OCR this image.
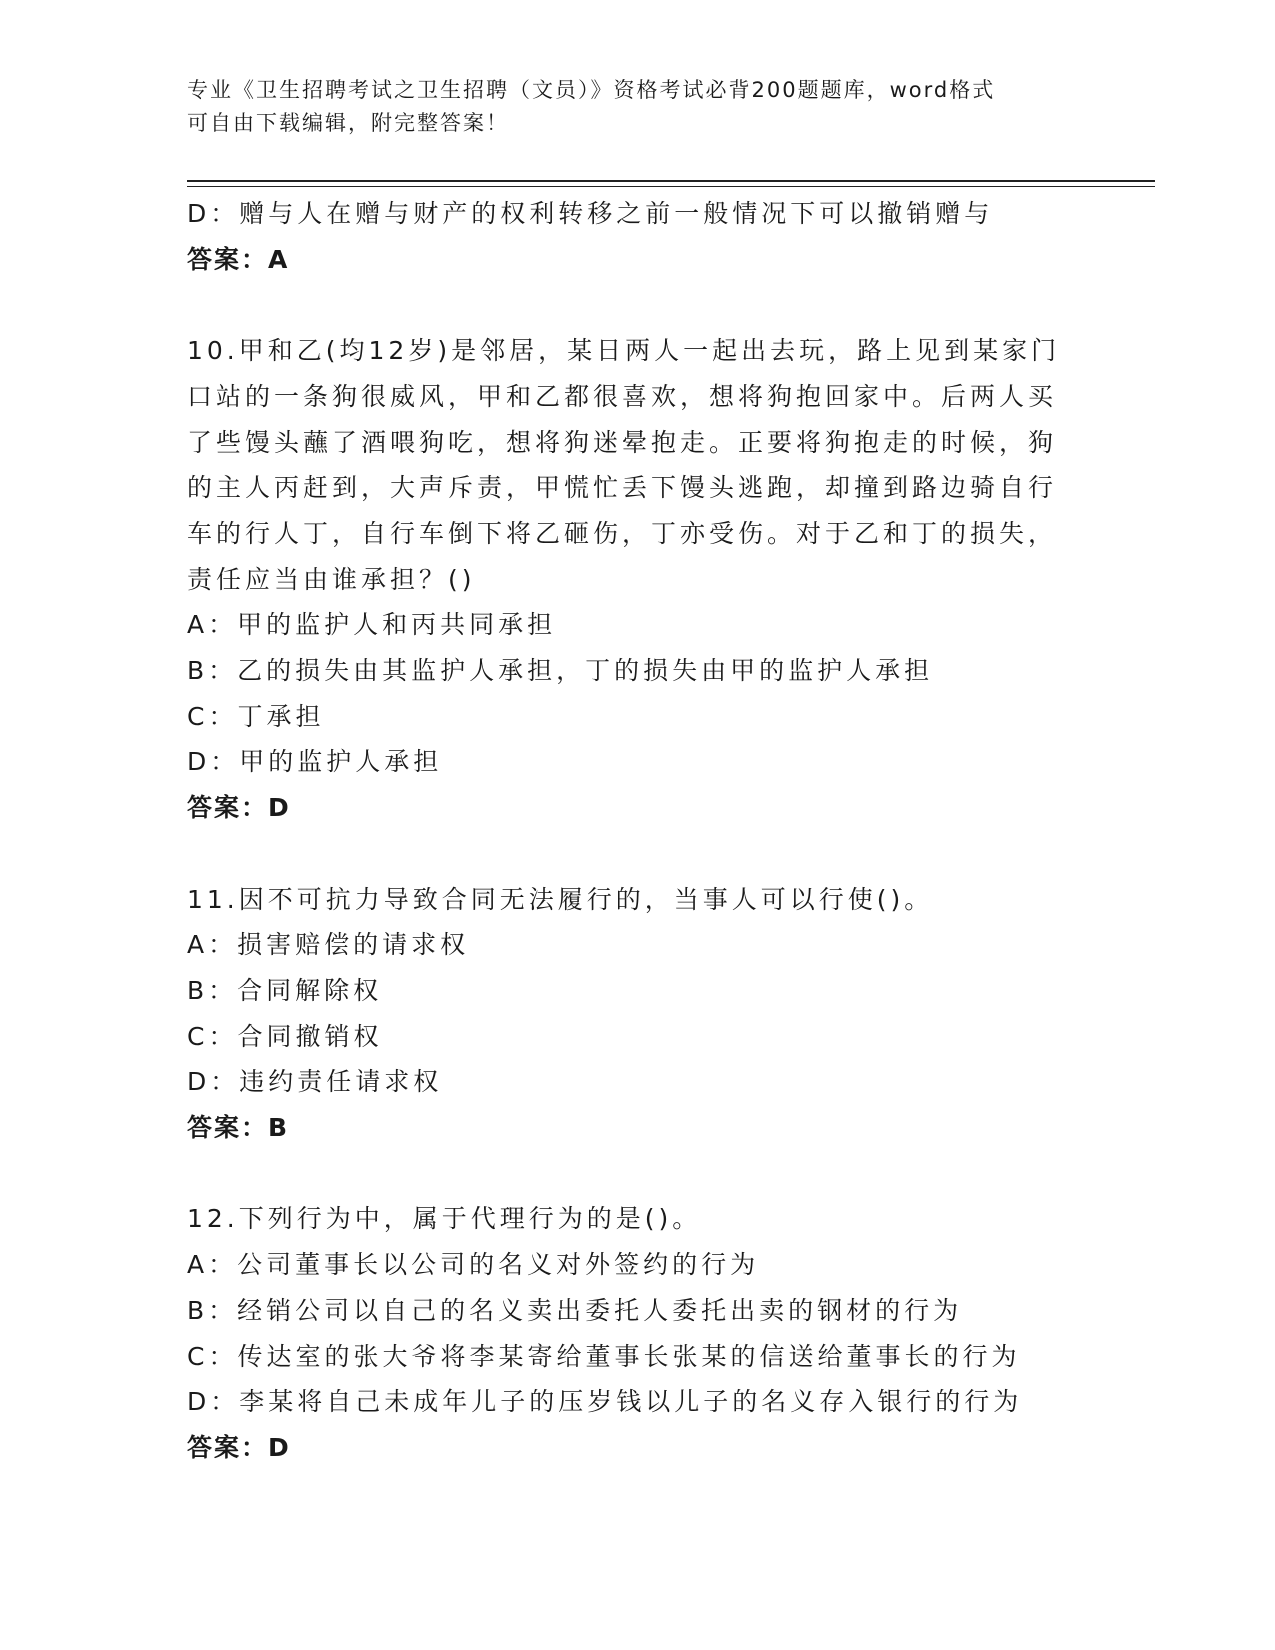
专业《卫生招聘考试之卫生招聘（文员）》资格考试必背200题题库，word格式
可自由下载编辑，附完整答案！
D：赠与人在赠与财产的权利转移之前一般情况下可以撤销赠与
答案：A
10.甲和乙(均12岁)是邻居，某日两人一起出去玩，路上见到某家门
口站的一条狗很威风，甲和乙都很喜欢，想将狗抱回家中。后两人买
了些馒头蘸了酒喂狗吃，想将狗迷晕抱走。正要将狗抱走的时候，狗
的主人丙赶到，大声斥责，甲慌忙丢下馒头逃跑，却撞到路边骑自行
车的行人丁，自行车倒下将乙砸伤，丁亦受伤。对于乙和丁的损失，
责任应当由谁承担？()
A：甲的监护人和丙共同承担
B：乙的损失由其监护人承担，丁的损失由甲的监护人承担
C：丁承担
D：甲的监护人承担
答案：D
11.因不可抗力导致合同无法履行的，当事人可以行使()。
A：损害赔偿的请求权
B：合同解除权
C：合同撤销权
D：违约责任请求权
答案：B
12.下列行为中，属于代理行为的是()。
A：公司董事长以公司的名义对外签约的行为
B：经销公司以自己的名义卖出委托人委托出卖的钢材的行为
C：传达室的张大爷将李某寄给董事长张某的信送给董事长的行为
D：李某将自己未成年儿子的压岁钱以儿子的名义存入银行的行为
答案：D
